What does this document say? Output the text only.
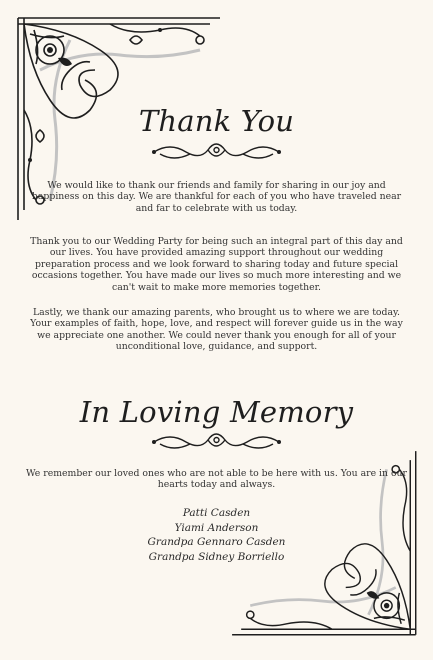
Thank You
We would like to thank our friends and family for sharing in our joy and happiness on this day. We are thankful for each of you who have traveled near and far to celebrate with us today.
Thank you to our Wedding Party for being such an integral part of this day and our lives. You have provided amazing support throughout our wedding preparation process and we look forward to sharing today and future special occasions together. You have made our lives so much more interesting and we can't wait to make more memories together.
Lastly, we thank our amazing parents, who brought us to where we are today. Your examples of faith, hope, love, and respect will forever guide us in the way we appreciate one another. We could never thank you enough for all of your unconditional love, guidance, and support.
In Loving Memory
We remember our loved ones who are not able to be here with us. You are in our hearts today and always.
Patti Casden
Yiami Anderson
Grandpa Gennaro Casden
Grandpa Sidney Borriello
